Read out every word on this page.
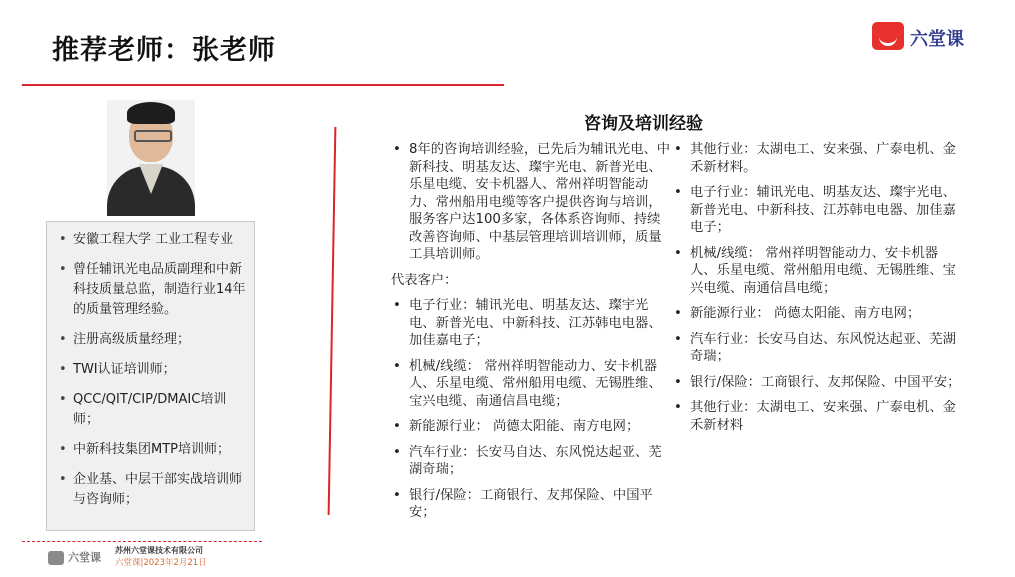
推荐老师：张老师	六堂课
• 安徽工程大学 工业工程专业
• 曾任辅讯光电品质副理和中新科技质量总监，制造行业14年的质量管理经验。
• 注册高级质量经理；
• TWI认证培训师；
• QCC/QIT/CIP/DMAIC培训师；
• 中新科技集团MTP培训师；
• 企业基、中层干部实战培训师与咨询师；
咨询及培训经验
• 8年的咨询培训经验，已先后为辅讯光电、中新科技、明基友达、璨宇光电、新普光电、乐星电缆、安卡机器人、常州祥明智能动力、常州船用电缆等客户提供咨询与培训，服务客户达100多家，各体系咨询师、持续改善咨询师、中基层管理培训培训师，质量工具培训师。
代表客户：
• 电子行业：辅讯光电、明基友达、璨宇光电、新普光电、中新科技、江苏韩电电器、加佳嘉电子；
• 机械/线缆： 常州祥明智能动力、安卡机器人、乐星电缆、常州船用电缆、无锡胜维、宝兴电缆、南通信昌电缆；
• 新能源行业： 尚德太阳能、南方电网；
• 汽车行业：长安马自达、东风悦达起亚、芜湖奇瑞；
• 银行/保险：工商银行、友邦保险、中国平安；
• 其他行业：太湖电工、安来强、广泰电机、金禾新材料。
• 电子行业：辅讯光电、明基友达、璨宇光电、新普光电、中新科技、江苏韩电电器、加佳嘉电子；
• 机械/线缆： 常州祥明智能动力、安卡机器人、乐星电缆、常州船用电缆、无锡胜维、宝兴电缆、南通信昌电缆；
• 新能源行业： 尚德太阳能、南方电网；
• 汽车行业：长安马自达、东风悦达起亚、芜湖奇瑞；
• 银行/保险：工商银行、友邦保险、中国平安；
• 其他行业：太湖电工、安来强、广泰电机、金禾新材料
六堂课
苏州六堂课技术有限公司
六堂课|2023年2月21日
